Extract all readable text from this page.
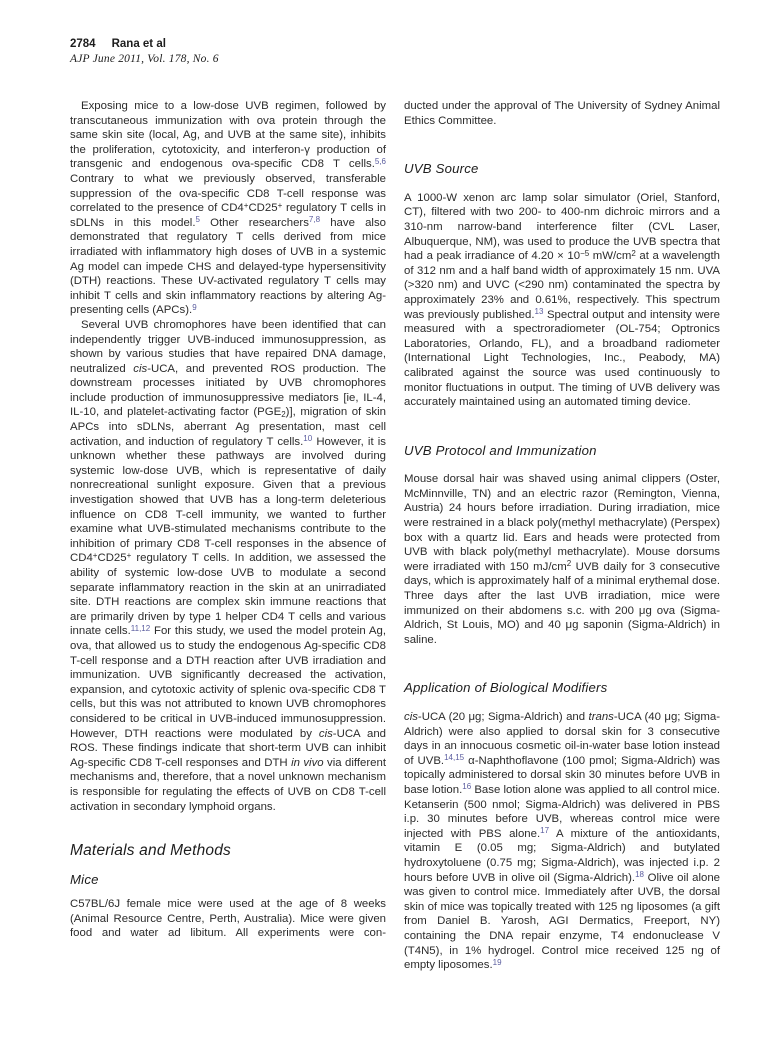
2784 Rana et al
AJP June 2011, Vol. 178, No. 6

Exposing mice to a low-dose UVB regimen, followed by transcutaneous immunization with ova protein through the same skin site (local, Ag, and UVB at the same site), inhibits the proliferation, cytotoxicity, and interferon-γ production of transgenic and endogenous ova-specific CD8 T cells.$^{5,6}$ Contrary to what we previously observed, transferable suppression of the ova-specific CD8 T-cell response was correlated to the presence of CD4+CD25+ regulatory T cells in sDLNs in this model.$^5$ Other researchers$^{7,8}$ have also demonstrated that regulatory T cells derived from mice irradiated with inflammatory high doses of UVB in a systemic Ag model can impede CHS and delayed-type hypersensitivity (DTH) reactions. These UV-activated regulatory T cells may inhibit T cells and skin inflammatory reactions by altering Ag-presenting cells (APCs).$^9$

Several UVB chromophores have been identified that can independently trigger UVB-induced immunosuppression, as shown by various studies that have repaired DNA damage, neutralized cis-UCA, and prevented ROS production. The downstream processes initiated by UVB chromophores include production of immunosuppressive mediators [ie, IL-4, IL-10, and platelet-activating factor $(PGE_2)$], migration of skin APCs into sDLNs, aberrant Ag presentation, mast cell activation, and induction of regulatory T cells.$^{10}$ However, it is unknown whether these pathways are involved during systemic low-dose UVB, which is representative of daily nonrecreational sunlight exposure. Given that a previous investigation showed that UVB has a long-term deleterious influence on CD8 T-cell immunity, we wanted to further examine what UVB-stimulated mechanisms contribute to the inhibition of primary CD8 T-cell responses in the absence of CD4+CD25+ regulatory T cells. In addition, we assessed the ability of systemic low-dose UVB to modulate a second separate inflammatory reaction in the skin at an unirradiated site. DTH reactions are complex skin immune reactions that are primarily driven by type 1 helper CD4 T cells and various innate cells.$^{11,12}$ For this study, we used the model protein Ag, ova, that allowed us to study the endogenous Ag-specific CD8 T-cell response and a DTH reaction after UVB irradiation and immunization. UVB significantly decreased the activation, expansion, and cytotoxic activity of splenic ova-specific CD8 T cells, but this was not attributed to known UVB chromophores considered to be critical in UVB-induced immunosuppression. However, DTH reactions were modulated by cis-UCA and ROS. These findings indicate that short-term UVB can inhibit Ag-specific CD8 T-cell responses and DTH in vivo via different mechanisms and, therefore, that a novel unknown mechanism is responsible for regulating the effects of UVB on CD8 T-cell activation in secondary lymphoid organs.

Materials and Methods
Mice

C57BL/6J female mice were used at the age of 8 weeks (Animal Resource Centre, Perth, Australia). Mice were given food and water ad libitum. All experiments were con-

ducted under the approval of The University of Sydney Animal Ethics Committee.

UVB Source

A 1000-W xenon arc lamp solar simulator (Oriel, Stanford, CT), filtered with two 200- to 400-nm dichroic mirrors and a 310-nm narrow-band interference filter (CVL Laser, Albuquerque, NM), was used to produce the UVB spectra that had a peak irradiance of $4.20 \times 10^{-5}$ $mW/cm^2$ at a wavelength of 312 nm and a half band width of approximately 15 nm. UVA (>320 nm) and UVC (<290 nm) contaminated the spectra by approximately 23% and 0.61%, respectively. This spectrum was previously published.$^{13}$ Spectral output and intensity were measured with a spectroradiometer (OL-754; Optronics Laboratories, Orlando, FL), and a broadband radiometer (International Light Technologies, Inc., Peabody, MA) calibrated against the source was used continuously to monitor fluctuations in output. The timing of UVB delivery was accurately maintained using an automated timing device.

UVB Protocol and Immunization

Mouse dorsal hair was shaved using animal clippers (Oster, McMinnville, TN) and an electric razor (Remington, Vienna, Austria) 24 hours before irradiation. During irradiation, mice were restrained in a black poly(methyl methacrylate) (Perspex) box with a quartz lid. Ears and heads were protected from UVB with black poly(methyl methacrylate). Mouse dorsums were irradiated with 150 $mJ/cm^2$ UVB daily for 3 consecutive days, which is approximately half of a minimal erythemal dose. Three days after the last UVB irradiation, mice were immunized on their abdomens s.c. with 200 μg ova (Sigma-Aldrich, St Louis, MO) and 40 μg saponin (Sigma-Aldrich) in saline.

Application of Biological Modifiers

cis-UCA (20 μg; Sigma-Aldrich) and trans-UCA (40 μg; Sigma-Aldrich) were also applied to dorsal skin for 3 consecutive days in an innocuous cosmetic oil-in-water base lotion instead of UVB.$^{14,15}$ α-Naphthoflavone (100 pmol; Sigma-Aldrich) was topically administered to dorsal skin 30 minutes before UVB in base lotion.$^{16}$ Base lotion alone was applied to all control mice. Ketanserin (500 nmol; Sigma-Aldrich) was delivered in PBS i.p. 30 minutes before UVB, whereas control mice were injected with PBS alone.$^{17}$ A mixture of the antioxidants, vitamin E (0.05 mg; Sigma-Aldrich) and butylated hydroxytoluene (0.75 mg; Sigma-Aldrich), was injected i.p. 2 hours before UVB in olive oil (Sigma-Aldrich).$^{18}$ Olive oil alone was given to control mice. Immediately after UVB, the dorsal skin of mice was topically treated with 125 ng liposomes (a gift from Daniel B. Yarosh, AGI Dermatics, Freeport, NY) containing the DNA repair enzyme, T4 endonuclease V (T4N5), in 1% hydrogel. Control mice received 125 ng of empty liposomes.$^{19}$
